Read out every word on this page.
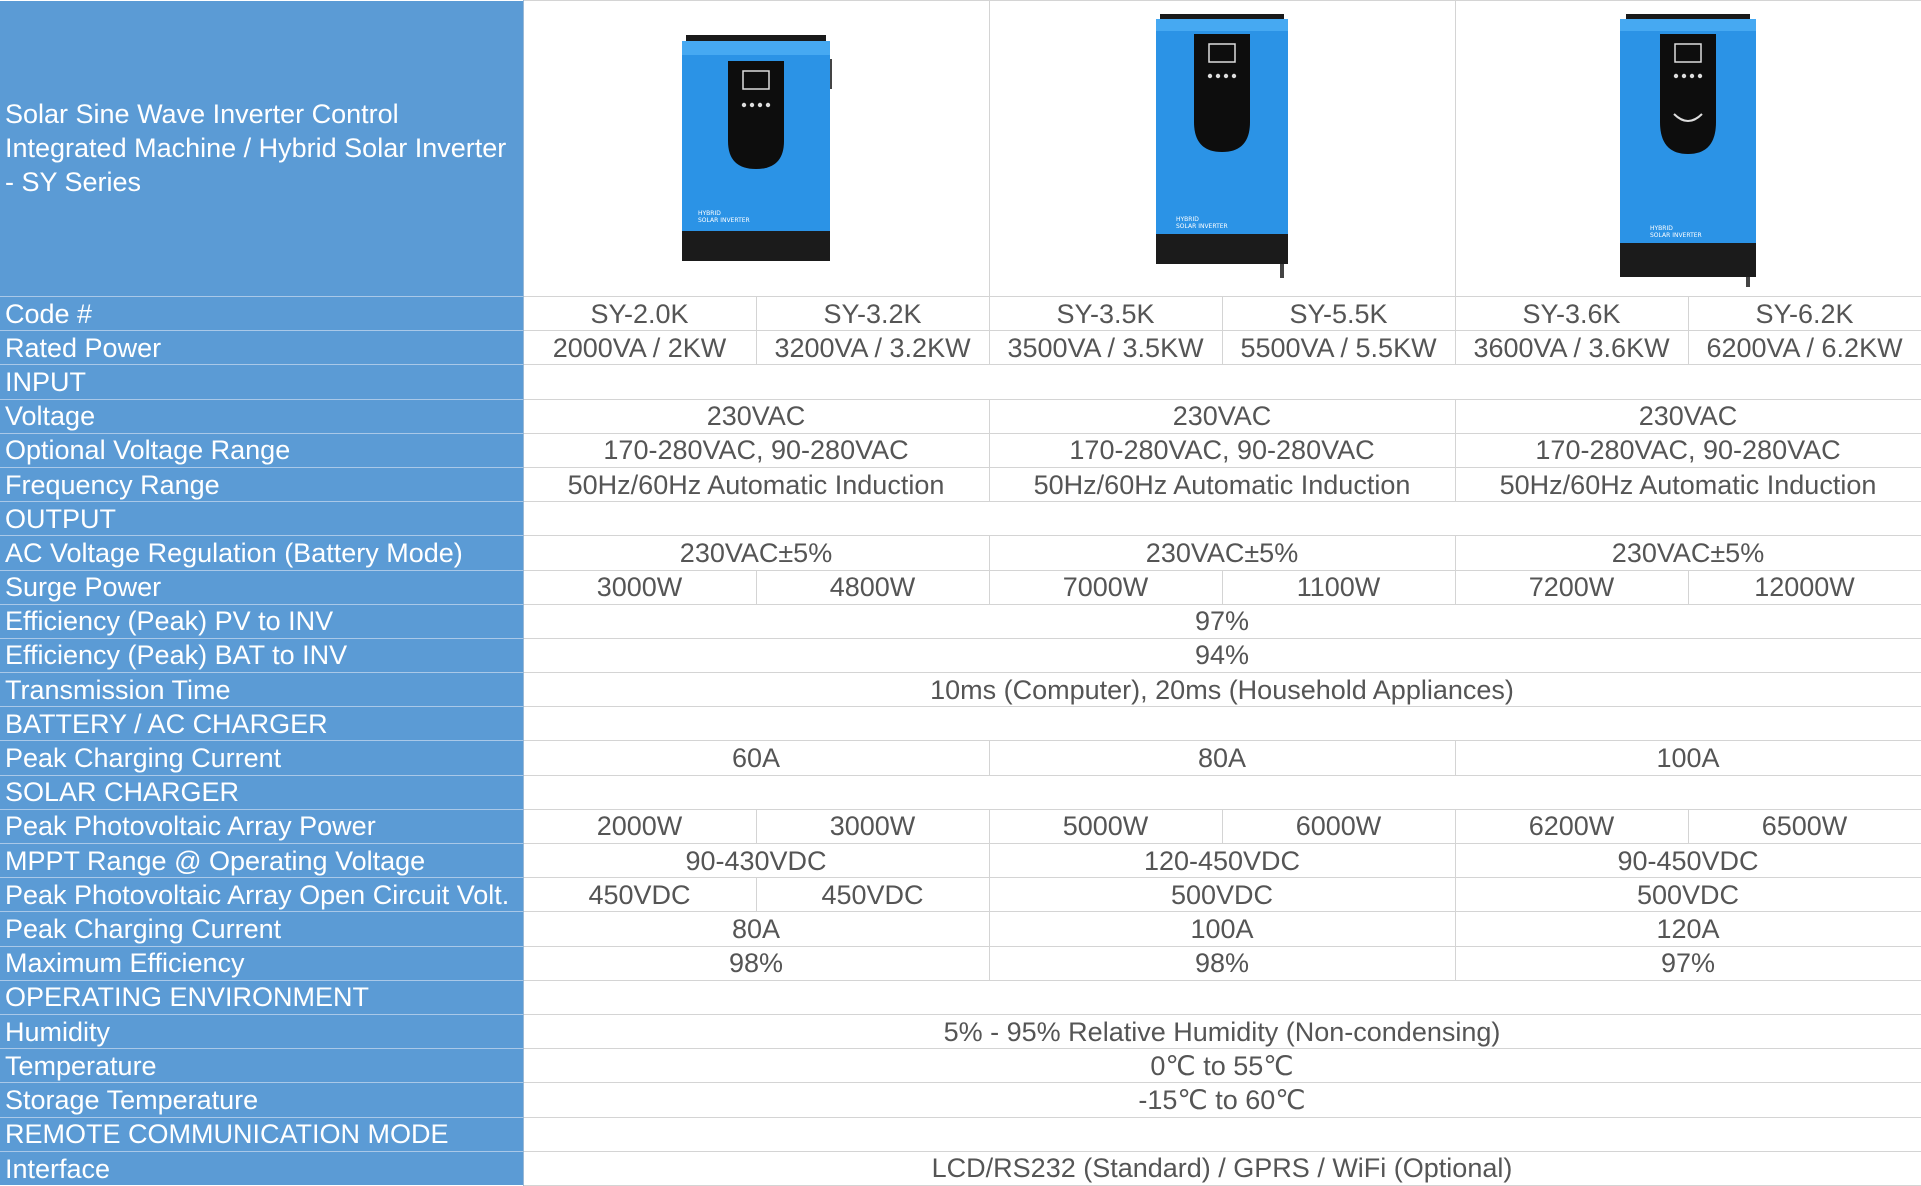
Solar Sine Wave Inverter Control Integrated Machine / Hybrid Solar Inverter - SY Series	HYBRID
SOLAR INVERTER		HYBRID
SOLAR INVERTER		HYBRID
SOLAR INVERTER	

Code #	SY-2.0K	SY-3.2K	SY-3.5K	SY-5.5K	SY-3.6K	SY-6.2K
Rated Power	2000VA / 2KW	3200VA / 3.2KW	3500VA / 3.5KW	5500VA / 5.5KW	3600VA / 3.6KW	6200VA / 6.2KW
INPUT						
Voltage	230VAC		230VAC		230VAC	
Optional Voltage Range	170-280VAC, 90-280VAC		170-280VAC, 90-280VAC		170-280VAC, 90-280VAC	
Frequency Range	50Hz/60Hz Automatic Induction		50Hz/60Hz Automatic Induction		50Hz/60Hz Automatic Induction	
OUTPUT						
AC Voltage Regulation (Battery Mode)	230VAC±5%		230VAC±5%		230VAC±5%	
Surge Power	3000W	4800W	7000W	1100W	7200W	12000W
Efficiency (Peak) PV to INV	97%					
Efficiency (Peak) BAT to INV	94%					
Transmission Time	10ms (Computer), 20ms (Household Appliances)					
BATTERY / AC CHARGER						
Peak Charging Current	60A		80A		100A	
SOLAR CHARGER						
Peak Photovoltaic Array Power	2000W	3000W	5000W	6000W	6200W	6500W
MPPT Range @ Operating Voltage	90-430VDC		120-450VDC		90-450VDC	
Peak Photovoltaic Array Open Circuit Volt.	450VDC	450VDC	500VDC		500VDC	
Peak Charging Current	80A		100A		120A	
Maximum Efficiency	98%		98%		97%	
OPERATING ENVIRONMENT						
Humidity	5% - 95% Relative Humidity (Non-condensing)					
Temperature	0℃ to 55℃					
Storage Temperature	-15℃ to 60℃					
REMOTE COMMUNICATION MODE						
Interface	LCD/RS232 (Standard) / GPRS / WiFi (Optional)					
